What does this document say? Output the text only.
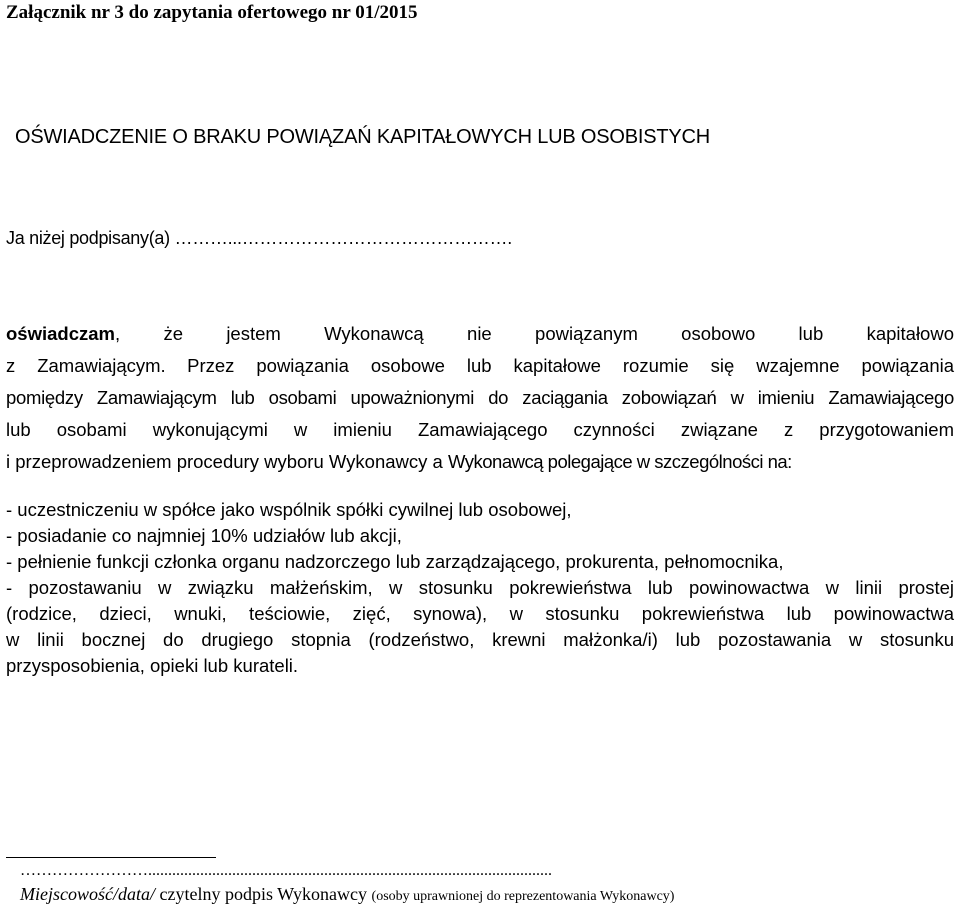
Załącznik nr 3 do zapytania ofertowego nr 01/2015
OŚWIADCZENIE O BRAKU POWIĄZAŃ KAPITAŁOWYCH LUB OSOBISTYCH
Ja niżej podpisany(a) ………...……………………………………….
oświadczam, że jestem Wykonawcą nie powiązanym osobowo lub kapitałowo
z Zamawiającym. Przez powiązania osobowe lub kapitałowe rozumie się wzajemne powiązania
pomiędzy Zamawiającym lub osobami upoważnionymi do zaciągania zobowiązań w imieniu Zamawiającego
lub osobami wykonującymi w imieniu Zamawiającego czynności związane z przygotowaniem
i przeprowadzeniem procedury wyboru Wykonawcy a Wykonawcą polegające w szczególności na:
- uczestniczeniu w spółce jako wspólnik spółki cywilnej lub osobowej,
- posiadanie co najmniej 10% udziałów lub akcji,
- pełnienie funkcji członka organu nadzorczego lub zarządzającego, prokurenta, pełnomocnika,
- pozostawaniu w związku małżeńskim, w stosunku pokrewieństwa lub powinowactwa w linii prostej
(rodzice, dzieci, wnuki, teściowie, zięć, synowa), w stosunku pokrewieństwa lub powinowactwa
w linii bocznej do drugiego stopnia (rodzeństwo, krewni małżonka/i) lub pozostawania w stosunku
przysposobienia, opieki lub kurateli.
…………………….....................................................................................................
Miejscowość/data/ czytelny podpis Wykonawcy (osoby uprawnionej do reprezentowania Wykonawcy)
